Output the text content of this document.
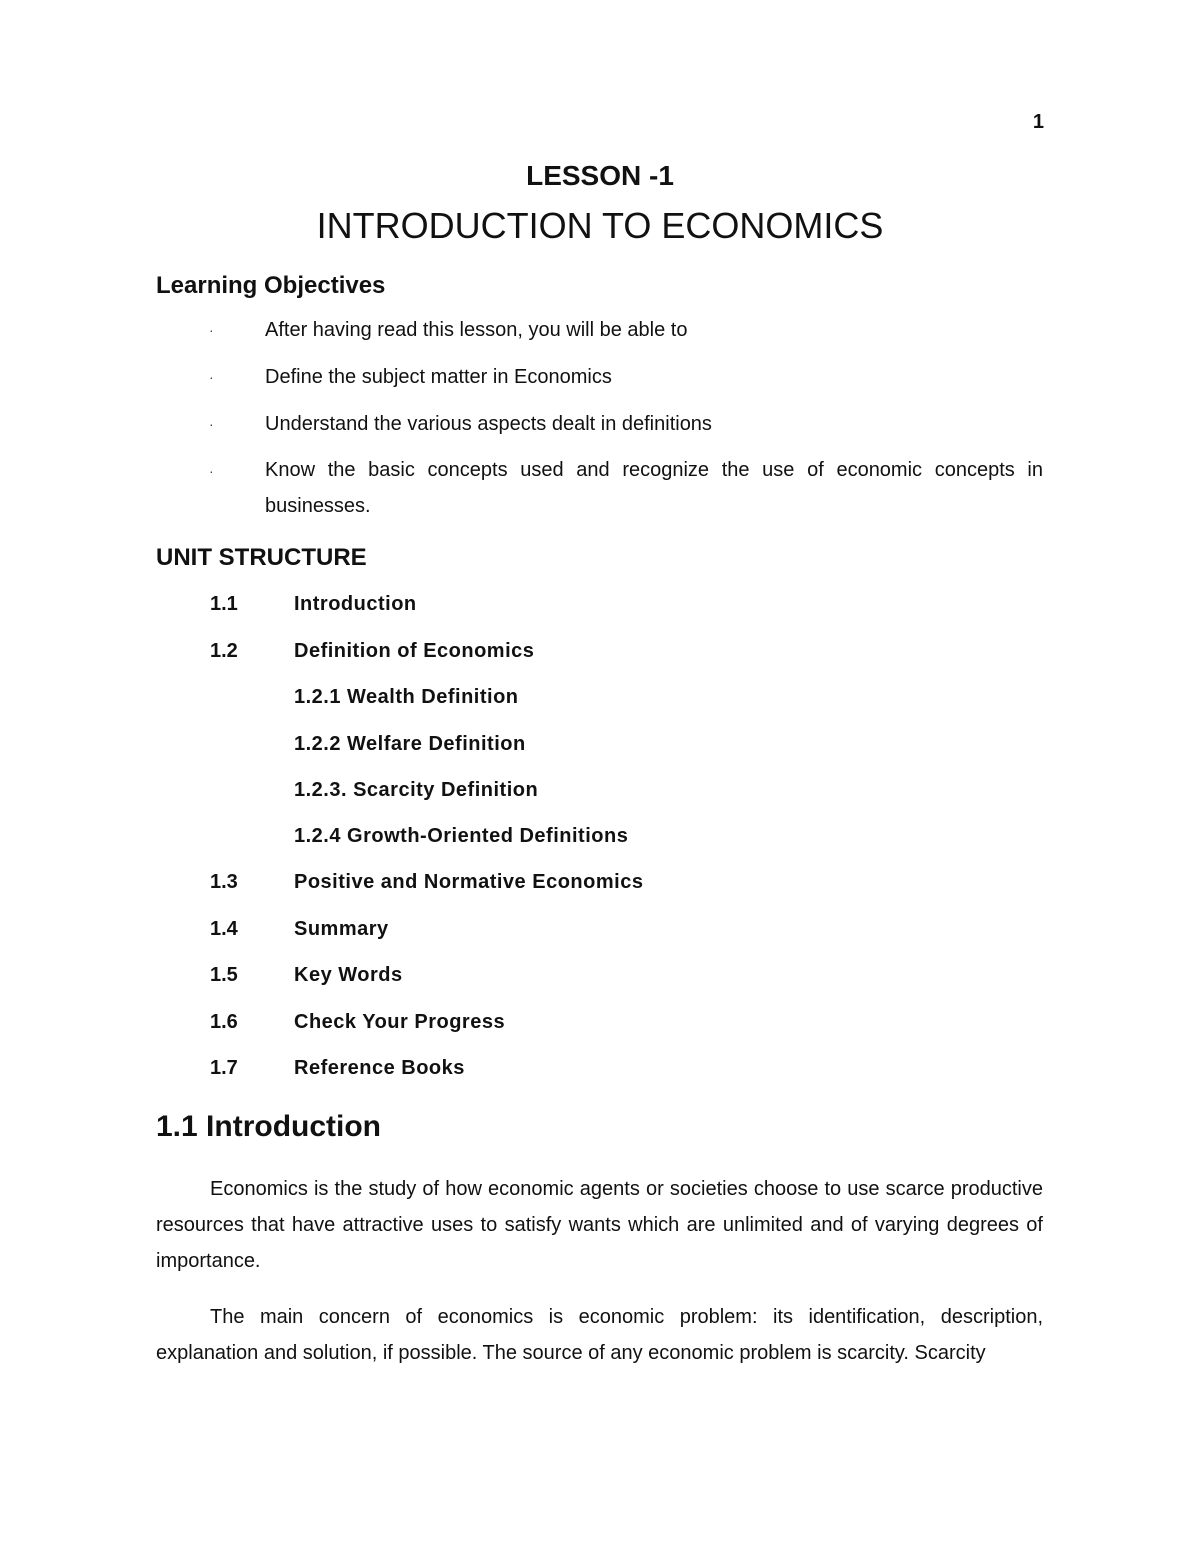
1
LESSON -1
INTRODUCTION TO ECONOMICS
Learning Objectives
·	After having read this lesson, you will be able to
·	Define the subject matter in Economics
·	Understand the various aspects dealt in definitions
·	Know the basic concepts used and recognize the use of economic concepts in businesses.
UNIT STRUCTURE
1.1	Introduction
1.2	Definition of Economics
1.2.1 Wealth Definition
1.2.2 Welfare Definition
1.2.3. Scarcity Definition
1.2.4 Growth-Oriented Definitions
1.3	Positive and Normative Economics
1.4	Summary
1.5	Key Words
1.6	Check Your Progress
1.7	Reference Books
1.1 Introduction
Economics is the study of how economic agents or societies choose to use scarce productive resources that have attractive uses to satisfy wants which are unlimited and of varying degrees of importance.
The main concern of economics is economic problem: its identification, description, explanation and solution, if possible. The source of any economic problem is scarcity. Scarcity
